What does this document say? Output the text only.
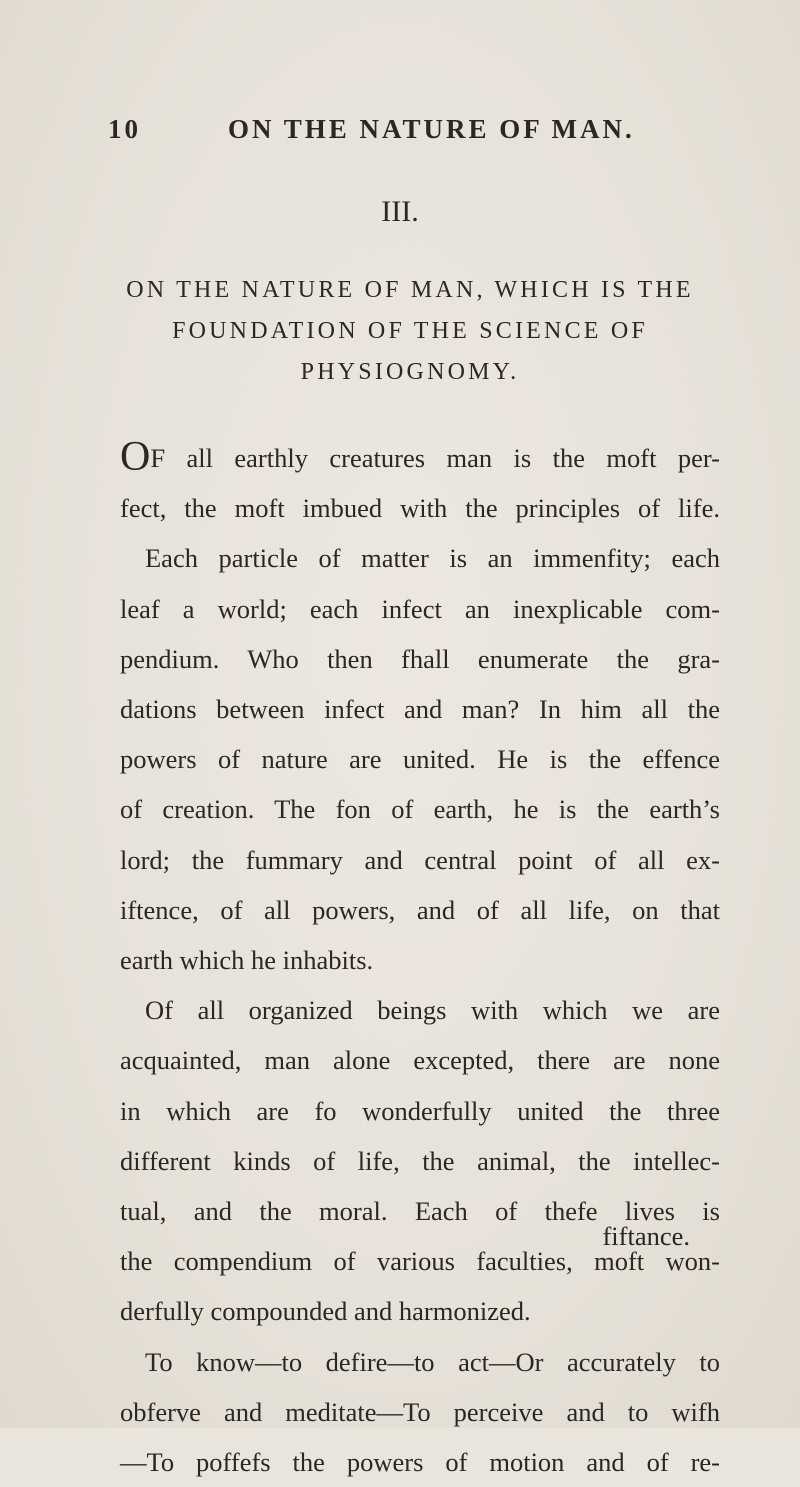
10	ON THE NATURE OF MAN.
III.
ON THE NATURE OF MAN, WHICH IS THE
FOUNDATION OF THE SCIENCE OF
PHYSIOGNOMY.
OF all earthly creatures man is the moft per-
fect, the moft imbued with the principles of life.
Each particle of matter is an immenfity; each
leaf a world; each infect an inexplicable com-
pendium. Who then fhall enumerate the gra-
dations between infect and man? In him all the
powers of nature are united. He is the effence
of creation. The fon of earth, he is the earth’s
lord; the fummary and central point of all ex-
iftence, of all powers, and of all life, on that
earth which he inhabits.
Of all organized beings with which we are
acquainted, man alone excepted, there are none
in which are fo wonderfully united the three
different kinds of life, the animal, the intellec-
tual, and the moral. Each of thefe lives is
the compendium of various faculties, moft won-
derfully compounded and harmonized.
To know—to defire—to act—Or accurately to
obferve and meditate—To perceive and to wifh
—To poffefs the powers of motion and of re-
fiftance.
